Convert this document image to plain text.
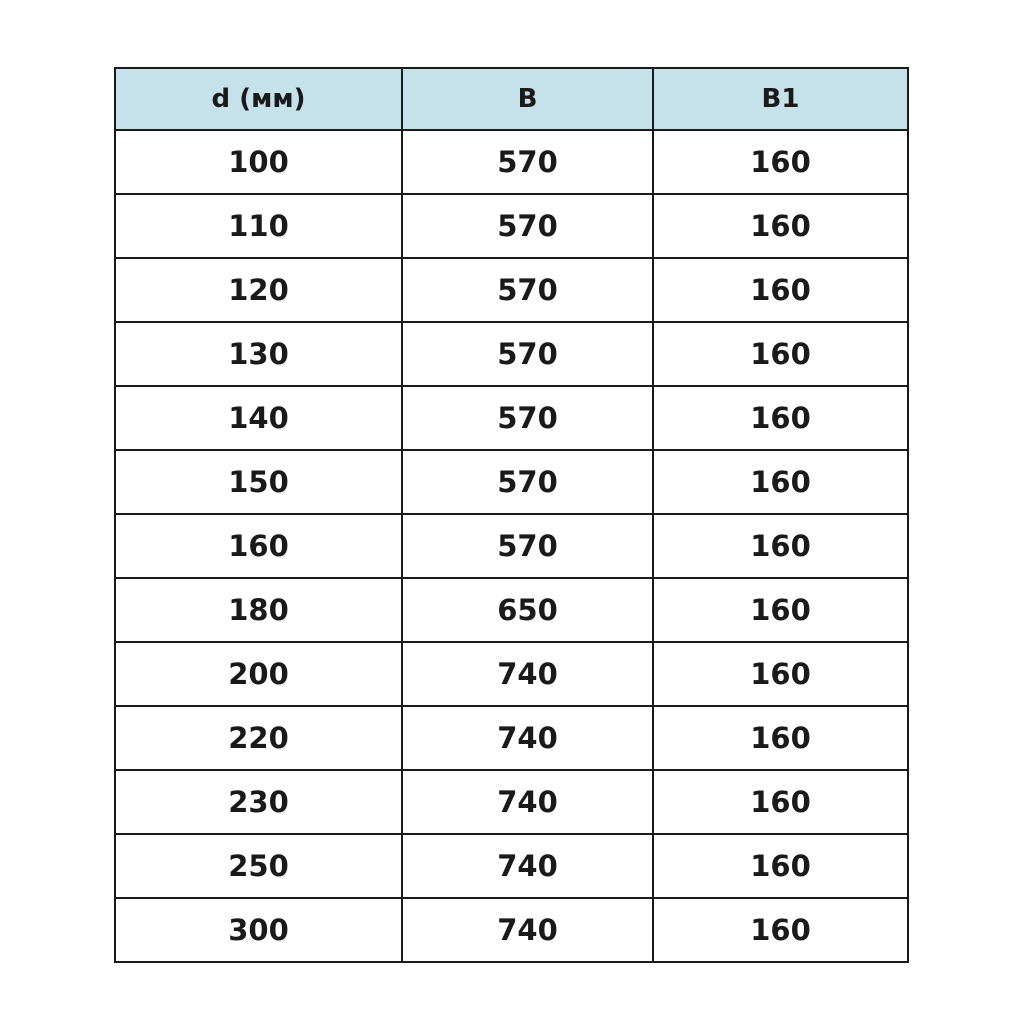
d (мм)	B	B1
100	570	160
110	570	160
120	570	160
130	570	160
140	570	160
150	570	160
160	570	160
180	650	160
200	740	160
220	740	160
230	740	160
250	740	160
300	740	160
